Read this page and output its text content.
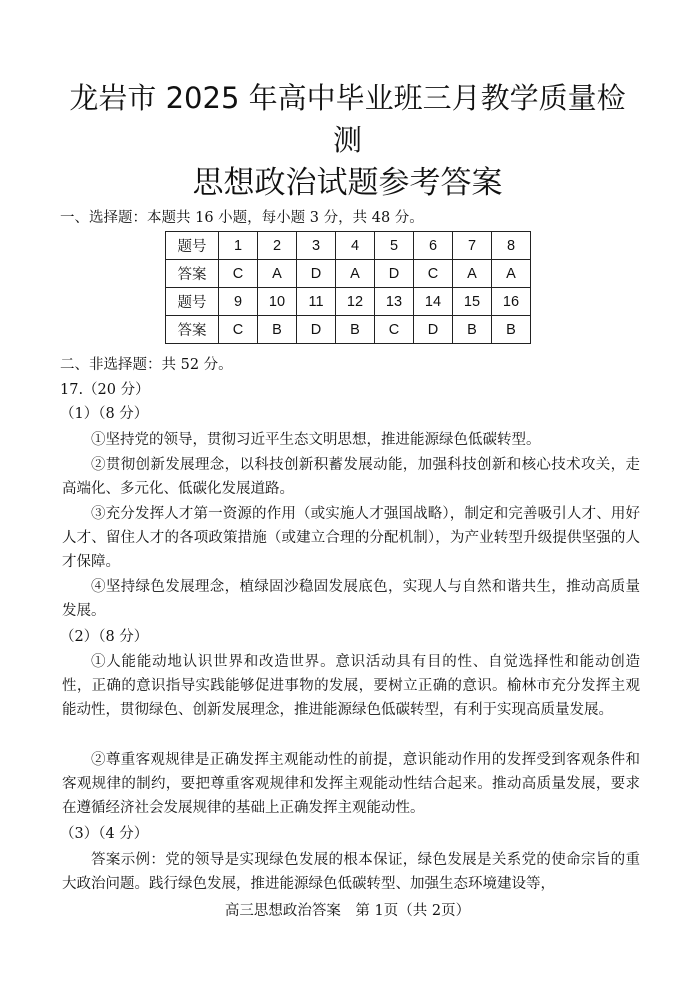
龙岩市 2025 年高中毕业班三月教学质量检
测
思想政治试题参考答案
一、选择题：本题共 16 小题，每小题 3 分，共 48 分。
题号	1	2	3	4	5	6	7	8
答案	C	A	D	A	D	C	A	A
题号	9	10	11	12	13	14	15	16
答案	C	B	D	B	C	D	B	B
二、非选择题：共 52 分。
17.（20 分）
（1）（8 分）
①坚持党的领导，贯彻习近平生态文明思想，推进能源绿色低碳转型。
②贯彻创新发展理念，以科技创新积蓄发展动能，加强科技创新和核心技术攻关，走高端化、多元化、低碳化发展道路。
③充分发挥人才第一资源的作用（或实施人才强国战略），制定和完善吸引人才、用好人才、留住人才的各项政策措施（或建立合理的分配机制），为产业转型升级提供坚强的人才保障。
④坚持绿色发展理念，植绿固沙稳固发展底色，实现人与自然和谐共生，推动高质量发展。
（2）（8 分）
①人能能动地认识世界和改造世界。意识活动具有目的性、自觉选择性和能动创造性，正确的意识指导实践能够促进事物的发展，要树立正确的意识。榆林市充分发挥主观能动性，贯彻绿色、创新发展理念，推进能源绿色低碳转型，有利于实现高质量发展。
②尊重客观规律是正确发挥主观能动性的前提，意识能动作用的发挥受到客观条件和客观规律的制约，要把尊重客观规律和发挥主观能动性结合起来。推动高质量发展，要求在遵循经济社会发展规律的基础上正确发挥主观能动性。
（3）（4 分）
答案示例：党的领导是实现绿色发展的根本保证，绿色发展是关系党的使命宗旨的重大政治问题。践行绿色发展，推进能源绿色低碳转型、加强生态环境建设等，
高三思想政治答案　第 1页（共 2页）
